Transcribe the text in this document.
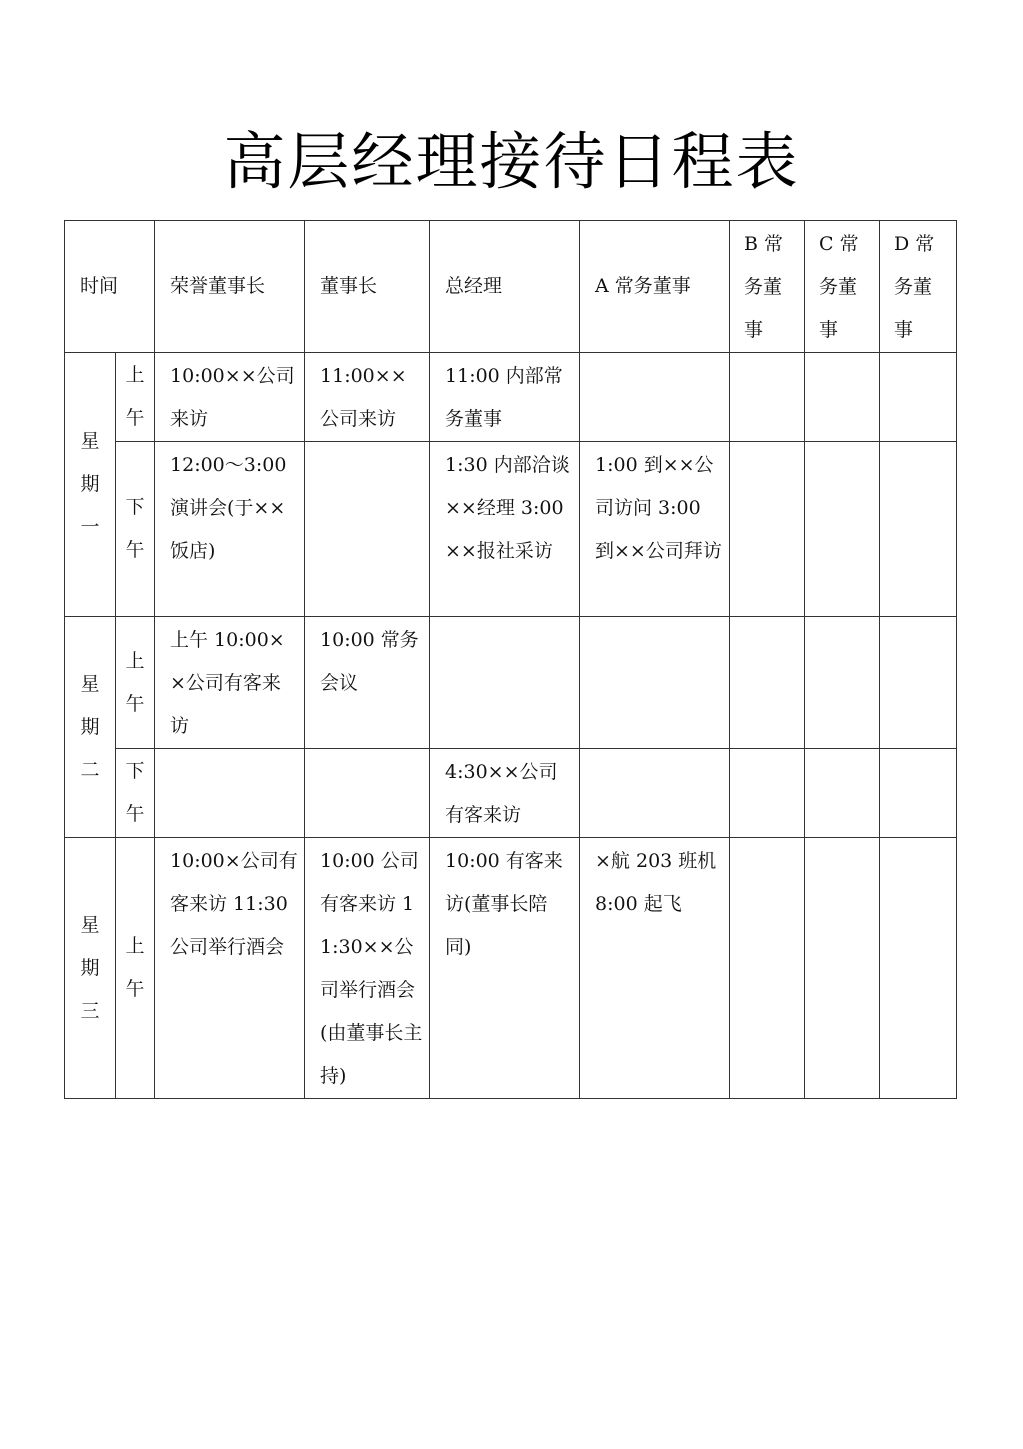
高层经理接待日程表
时间		荣誉董事长	董事长	总经理	A 常务董事	B 常务董事	C 常务董事	D 常务董事
星期一	上午	10:00××公司来访	11:00××公司来访	11:00 内部常务董事				
	下午	12:00～3:00 演讲会(于××饭店)		1:30 内部洽谈××经理 3:00××报社采访	1:00 到××公司访问 3:00 到××公司拜访			
星期二	上午	上午 10:00××公司有客来访	10:00 常务会议					
	下午			4:30××公司有客来访				
星期三	上午	10:00×公司有客来访 11:30 公司举行酒会	10:00 公司有客来访 11:30××公司举行酒会(由董事长主持)	10:00 有客来访(董事长陪同)	×航 203 班机 8:00 起飞			
